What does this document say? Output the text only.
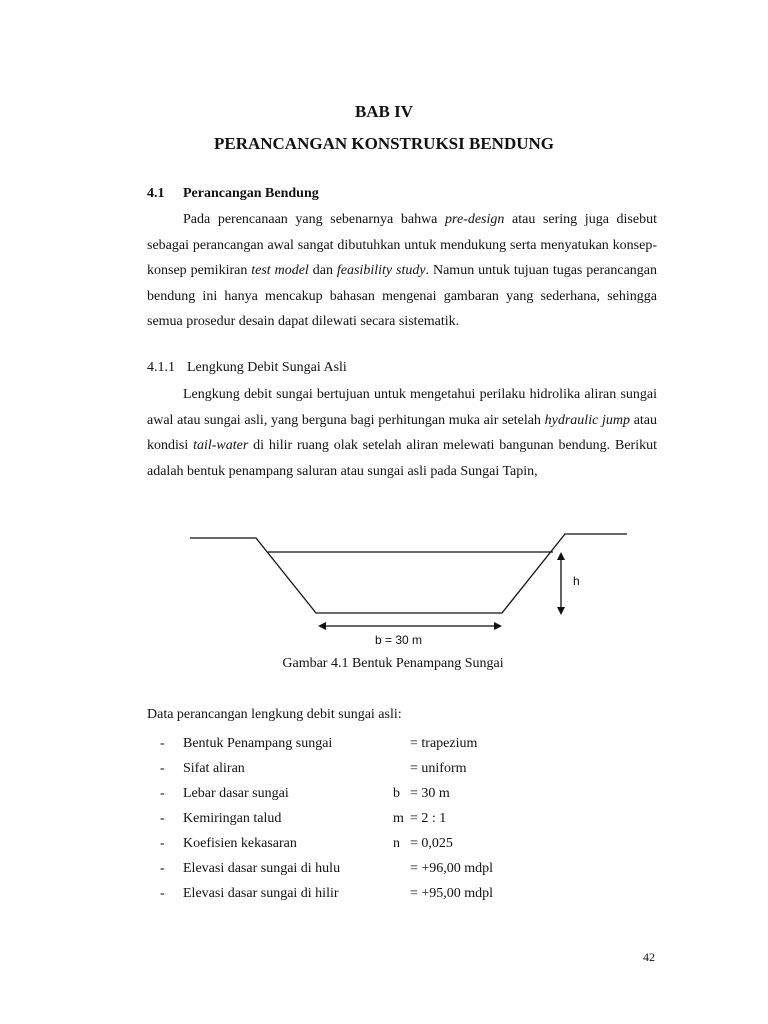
BAB IV
PERANCANGAN KONSTRUKSI BENDUNG
4.1 Perancangan Bendung

Pada perencanaan yang sebenarnya bahwa pre-design atau sering juga disebut sebagai perancangan awal sangat dibutuhkan untuk mendukung serta menyatukan konsep-konsep pemikiran test model dan feasibility study. Namun untuk tujuan tugas perancangan bendung ini hanya mencakup bahasan mengenai gambaran yang sederhana, sehingga semua prosedur desain dapat dilewati secara sistematik.

4.1.1 Lengkung Debit Sungai Asli

Lengkung debit sungai bertujuan untuk mengetahui perilaku hidrolika aliran sungai awal atau sungai asli, yang berguna bagi perhitungan muka air setelah hydraulic jump atau kondisi tail-water di hilir ruang olak setelah aliran melewati bangunan bendung. Berikut adalah bentuk penampang saluran atau sungai asli pada Sungai Tapin,

h
b = 30 m
Gambar 4.1 Bentuk Penampang Sungai
Data perancangan lengkung debit sungai asli:
- Bentuk Penampang sungai	= trapezium
- Sifat aliran	= uniform
- Lebar dasar sungai	b = 30 m
- Kemiringan talud	m = 2 : 1
- Koefisien kekasaran	n = 0,025
- Elevasi dasar sungai di hulu	= +96,00 mdpl
- Elevasi dasar sungai di hilir	= +95,00 mdpl
42
